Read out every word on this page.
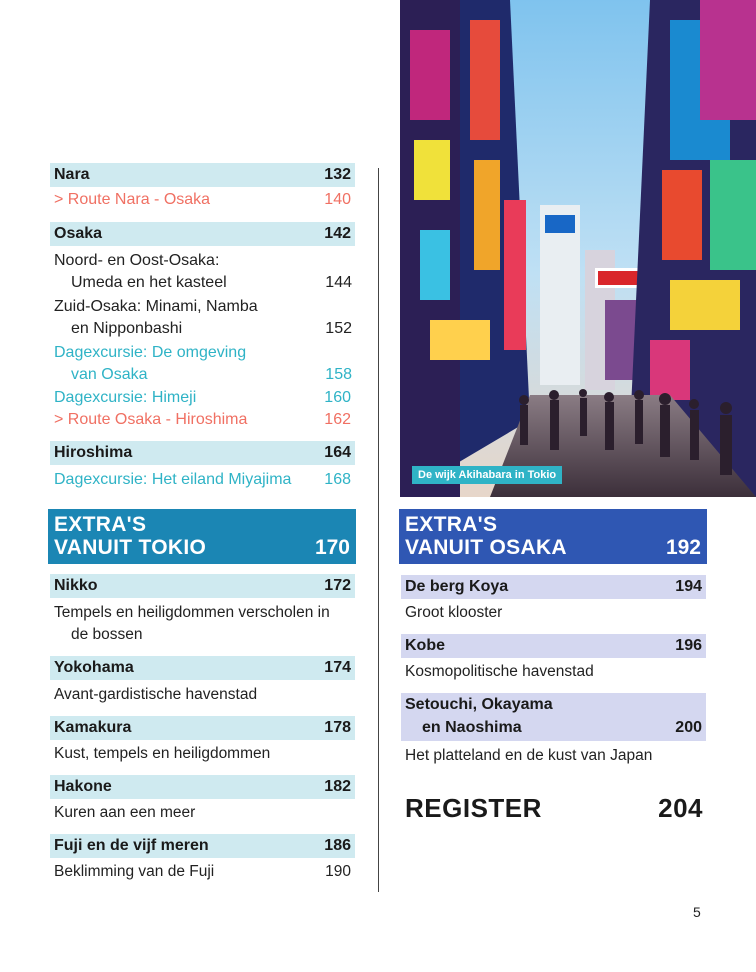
Nara	132
> Route Nara - Osaka	140
Osaka	142
Noord- en Oost-Osaka:
Umeda en het kasteel	144
Zuid-Osaka: Minami, Namba
en Nipponbashi	152
Dagexcursie: De omgeving
van Osaka	158
Dagexcursie: Himeji	160
> Route Osaka - Hiroshima	162
Hiroshima	164
Dagexcursie: Het eiland Miyajima 168
EXTRA'S
VANUIT TOKIO	170
Nikko	172
Tempels en heiligdommen verscholen in
de bossen
Yokohama	174
Avant-gardistische havenstad
Kamakura	178
Kust, tempels en heiligdommen
Hakone	182
Kuren aan een meer
Fuji en de vijf meren	186
Beklimming van de Fuji	190
De wijk Akihabara in Tokio
EXTRA'S
VANUIT OSAKA	192
De berg Koya	194
Groot klooster
Kobe	196
Kosmopolitische havenstad
Setouchi, Okayama
en Naoshima	200
Het platteland en de kust van Japan
REGISTER	204
5
